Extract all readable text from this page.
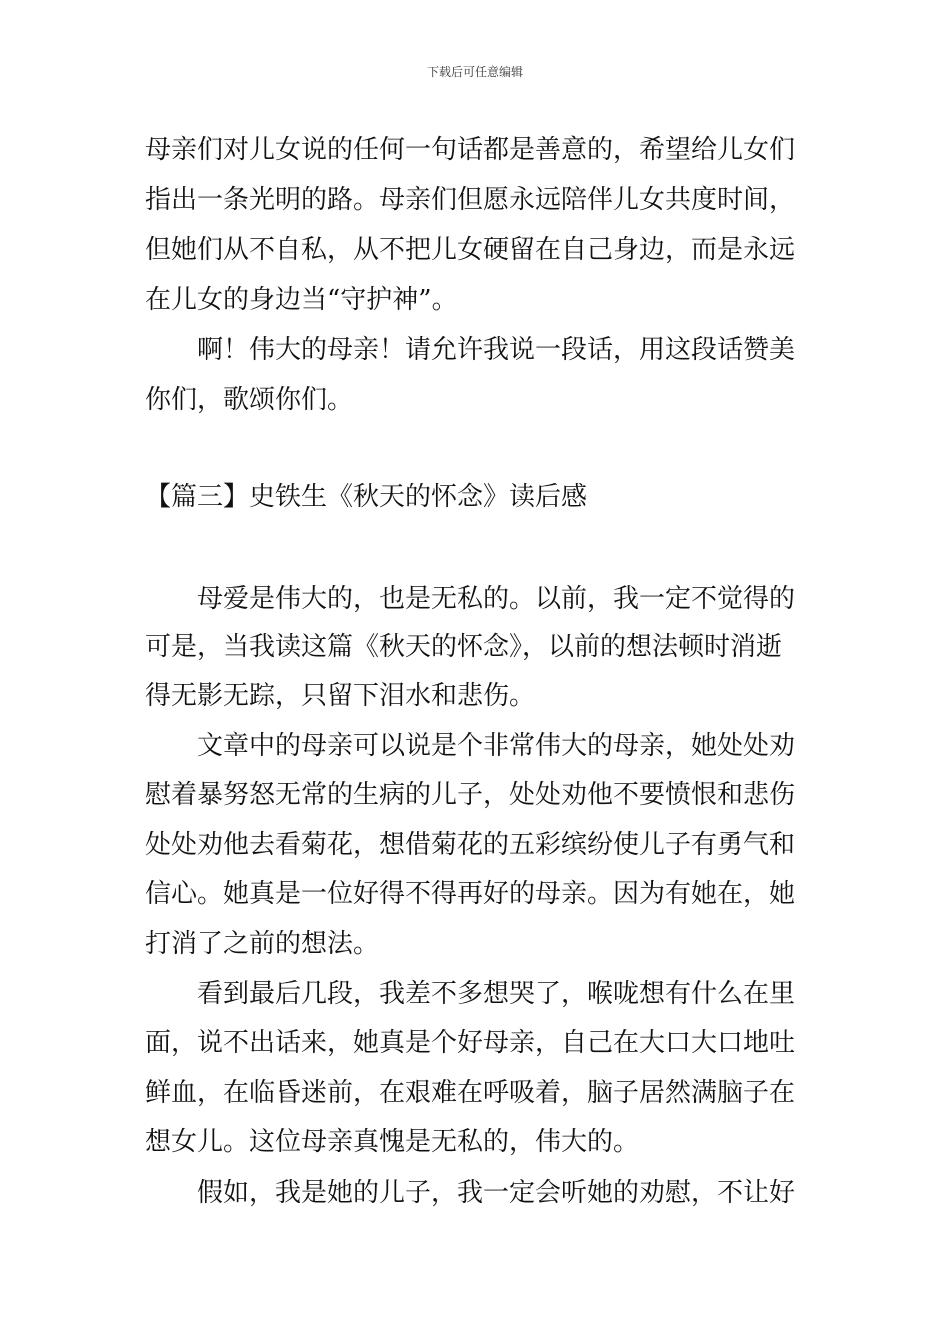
下载后可任意编辑
母亲们对儿女说的任何一句话都是善意的，希望给儿女们
指出一条光明的路。母亲们但愿永远陪伴儿女共度时间，
但她们从不自私，从不把儿女硬留在自己身边，而是永远
在儿女的身边当“守护神”。
啊！伟大的母亲！请允许我说一段话，用这段话赞美
你们，歌颂你们。
【篇三】史铁生《秋天的怀念》读后感
母爱是伟大的，也是无私的。以前，我一定不觉得的
可是，当我读这篇《秋天的怀念》，以前的想法顿时消逝
得无影无踪，只留下泪水和悲伤。
文章中的母亲可以说是个非常伟大的母亲，她处处劝
慰着暴努怒无常的生病的儿子，处处劝他不要愤恨和悲伤
处处劝他去看菊花，想借菊花的五彩缤纷使儿子有勇气和
信心。她真是一位好得不得再好的母亲。因为有她在，她
打消了之前的想法。
看到最后几段，我差不多想哭了，喉咙想有什么在里
面，说不出话来，她真是个好母亲，自己在大口大口地吐
鲜血，在临昏迷前，在艰难在呼吸着，脑子居然满脑子在
想女儿。这位母亲真愧是无私的，伟大的。
假如，我是她的儿子，我一定会听她的劝慰，不让好
